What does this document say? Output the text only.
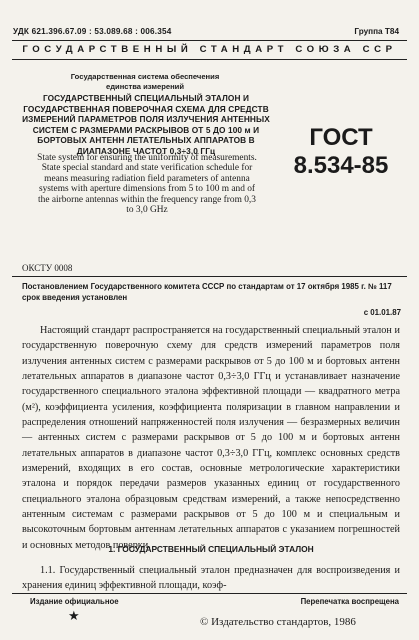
УДК 621.396.67.09 : 53.089.68 : 006.354	Группа Т84
ГОСУДАРСТВЕННЫЙ СТАНДАРТ СОЮЗА ССР
Государственная система обеспечения
единства измерений
ГОСУДАРСТВЕННЫЙ СПЕЦИАЛЬНЫЙ ЭТАЛОН И ГОСУДАРСТВЕННАЯ ПОВЕРОЧНАЯ СХЕМА ДЛЯ СРЕДСТВ ИЗМЕРЕНИЙ ПАРАМЕТРОВ ПОЛЯ ИЗЛУЧЕНИЯ АНТЕННЫХ СИСТЕМ С РАЗМЕРАМИ РАСКРЫВОВ ОТ 5 ДО 100 м И БОРТОВЫХ АНТЕНН ЛЕТАТЕЛЬНЫХ АППАРАТОВ В ДИАПАЗОНЕ ЧАСТОТ 0,3÷3,0 ГГц	ГОСТ
8.534-85
State system for ensuring the uniformity of measurements. State special standard and state verification schedule for means measuring radiation field parameters of antenna systems with aperture dimensions from 5 to 100 m and of the airborne antennas within the frequency range from 0,3 to 3,0 GHz
ОКСТУ 0008
Постановлением Государственного комитета СССР по стандартам от 17 октября 1985 г. № 117 срок введения установлен
с 01.01.87

Настоящий стандарт распространяется на государственный специальный эталон и государственную поверочную схему для средств измерений параметров поля излучения антенных систем с размерами раскрывов от 5 до 100 м и бортовых антенн летательных аппаратов в диапазоне частот 0,3÷3,0 ГГц и устанавливает назначение государственного специального эталона эффективной площади — квадратного метра (м²), коэффициента усиления, коэффициента поляризации в главном направлении и распределения отношений напряженностей поля излучения — безразмерных величин — антенных систем с размерами раскрывов от 5 до 100 м и бортовых антенн летательных аппаратов в диапазоне частот 0,3÷3,0 ГГц, комплекс основных средств измерений, входящих в его состав, основные метрологические характеристики эталона и порядок передачи размеров указанных единиц от государственного специального эталона образцовым средствам измерений, а также непосредственно антенным системам с размерами раскрывов от 5 до 100 м и специальным и высокоточным бортовым антеннам летательных аппаратов с указанием погрешностей и основных методов поверки.

1. ГОСУДАРСТВЕННЫЙ СПЕЦИАЛЬНЫЙ ЭТАЛОН
1.1. Государственный специальный эталон предназначен для воспроизведения и хранения единиц эффективной площади, коэф-
Издание официальное	Перепечатка воспрещена
★	© Издательство стандартов, 1986
